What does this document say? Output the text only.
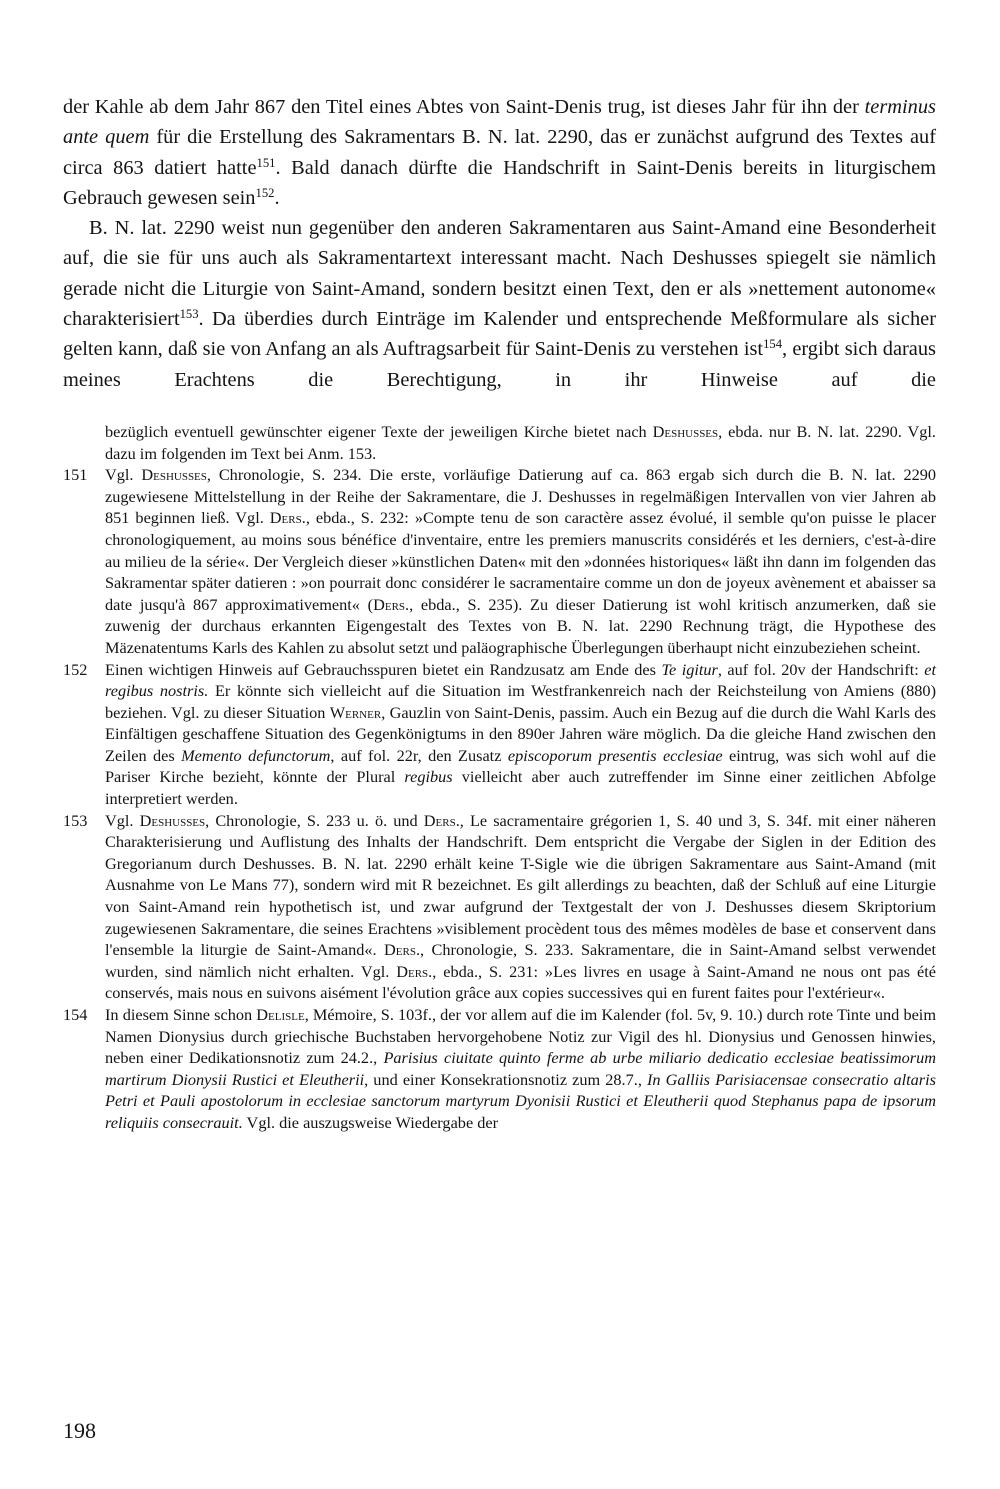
der Kahle ab dem Jahr 867 den Titel eines Abtes von Saint-Denis trug, ist dieses Jahr für ihn der terminus ante quem für die Erstellung des Sakramentars B. N. lat. 2290, das er zunächst aufgrund des Textes auf circa 863 datiert hatte$^{151}$. Bald danach dürfte die Handschrift in Saint-Denis bereits in liturgischem Gebrauch gewesen sein$^{152}$.

B. N. lat. 2290 weist nun gegenüber den anderen Sakramentaren aus Saint-Amand eine Besonderheit auf, die sie für uns auch als Sakramentartext interessant macht. Nach Deshusses spiegelt sie nämlich gerade nicht die Liturgie von Saint-Amand, sondern besitzt einen Text, den er als »nettement autonome« charakterisiert$^{153}$. Da überdies durch Einträge im Kalender und entsprechende Meßformulare als sicher gelten kann, daß sie von Anfang an als Auftragsarbeit für Saint-Denis zu verstehen ist$^{154}$, ergibt sich daraus meines Erachtens die Berechtigung, in ihr Hinweise auf die

bezüglich eventuell gewünschter eigener Texte der jeweiligen Kirche bietet nach Deshusses, ebda. nur B. N. lat. 2290. Vgl. dazu im folgenden im Text bei Anm. 153.
151	Vgl. Deshusses, Chronologie, S. 234. Die erste, vorläufige Datierung auf ca. 863 ergab sich durch die B. N. lat. 2290 zugewiesene Mittelstellung in der Reihe der Sakramentare, die J. Deshusses in regelmäßigen Intervallen von vier Jahren ab 851 beginnen ließ. Vgl. Ders., ebda., S. 232: »Compte tenu de son caractère assez évolué, il semble qu'on puisse le placer chronologiquement, au moins sous bénéfice d'inventaire, entre les premiers manuscrits considérés et les derniers, c'est-à-dire au milieu de la série«. Der Vergleich dieser »künstlichen Daten« mit den »données historiques« läßt ihn dann im folgenden das Sakramentar später datieren : »on pourrait donc considérer le sacramentaire comme un don de joyeux avènement et abaisser sa date jusqu'à 867 approximativement« (Ders., ebda., S. 235). Zu dieser Datierung ist wohl kritisch anzumerken, daß sie zuwenig der durchaus erkannten Eigengestalt des Textes von B. N. lat. 2290 Rechnung trägt, die Hypothese des Mäzenatentums Karls des Kahlen zu absolut setzt und paläographische Überlegungen überhaupt nicht einzubeziehen scheint.
152	Einen wichtigen Hinweis auf Gebrauchsspuren bietet ein Randzusatz am Ende des Te igitur, auf fol. 20v der Handschrift: et regibus nostris. Er könnte sich vielleicht auf die Situation im Westfrankenreich nach der Reichsteilung von Amiens (880) beziehen. Vgl. zu dieser Situation Werner, Gauzlin von Saint-Denis, passim. Auch ein Bezug auf die durch die Wahl Karls des Einfältigen geschaffene Situation des Gegenkönigtums in den 890er Jahren wäre möglich. Da die gleiche Hand zwischen den Zeilen des Memento defunctorum, auf fol. 22r, den Zusatz episcoporum presentis ecclesiae eintrug, was sich wohl auf die Pariser Kirche bezieht, könnte der Plural regibus vielleicht aber auch zutreffender im Sinne einer zeitlichen Abfolge interpretiert werden.
153	Vgl. Deshusses, Chronologie, S. 233 u. ö. und Ders., Le sacramentaire grégorien 1, S. 40 und 3, S. 34f. mit einer näheren Charakterisierung und Auflistung des Inhalts der Handschrift. Dem entspricht die Vergabe der Siglen in der Edition des Gregorianum durch Deshusses. B. N. lat. 2290 erhält keine T-Sigle wie die übrigen Sakramentare aus Saint-Amand (mit Ausnahme von Le Mans 77), sondern wird mit R bezeichnet. Es gilt allerdings zu beachten, daß der Schluß auf eine Liturgie von Saint-Amand rein hypothetisch ist, und zwar aufgrund der Textgestalt der von J. Deshusses diesem Skriptorium zugewiesenen Sakramentare, die seines Erachtens »visiblement procèdent tous des mêmes modèles de base et conservent dans l'ensemble la liturgie de Saint-Amand«. Ders., Chronologie, S. 233. Sakramentare, die in Saint-Amand selbst verwendet wurden, sind nämlich nicht erhalten. Vgl. Ders., ebda., S. 231: »Les livres en usage à Saint-Amand ne nous ont pas été conservés, mais nous en suivons aisément l'évolution grâce aux copies successives qui en furent faites pour l'extérieur«.
154	In diesem Sinne schon Delisle, Mémoire, S. 103f., der vor allem auf die im Kalender (fol. 5v, 9. 10.) durch rote Tinte und beim Namen Dionysius durch griechische Buchstaben hervorgehobene Notiz zur Vigil des hl. Dionysius und Genossen hinwies, neben einer Dedikationsnotiz zum 24.2., Parisius ciuitate quinto ferme ab urbe miliario dedicatio ecclesiae beatissimorum martirum Dionysii Rustici et Eleutherii, und einer Konsekrationsnotiz zum 28.7., In Galliis Parisiacensae consecratio altaris Petri et Pauli apostolorum in ecclesiae sanctorum martyrum Dyonisii Rustici et Eleutherii quod Stephanus papa de ipsorum reliquiis consecrauit. Vgl. die auszugsweise Wiedergabe der
198
